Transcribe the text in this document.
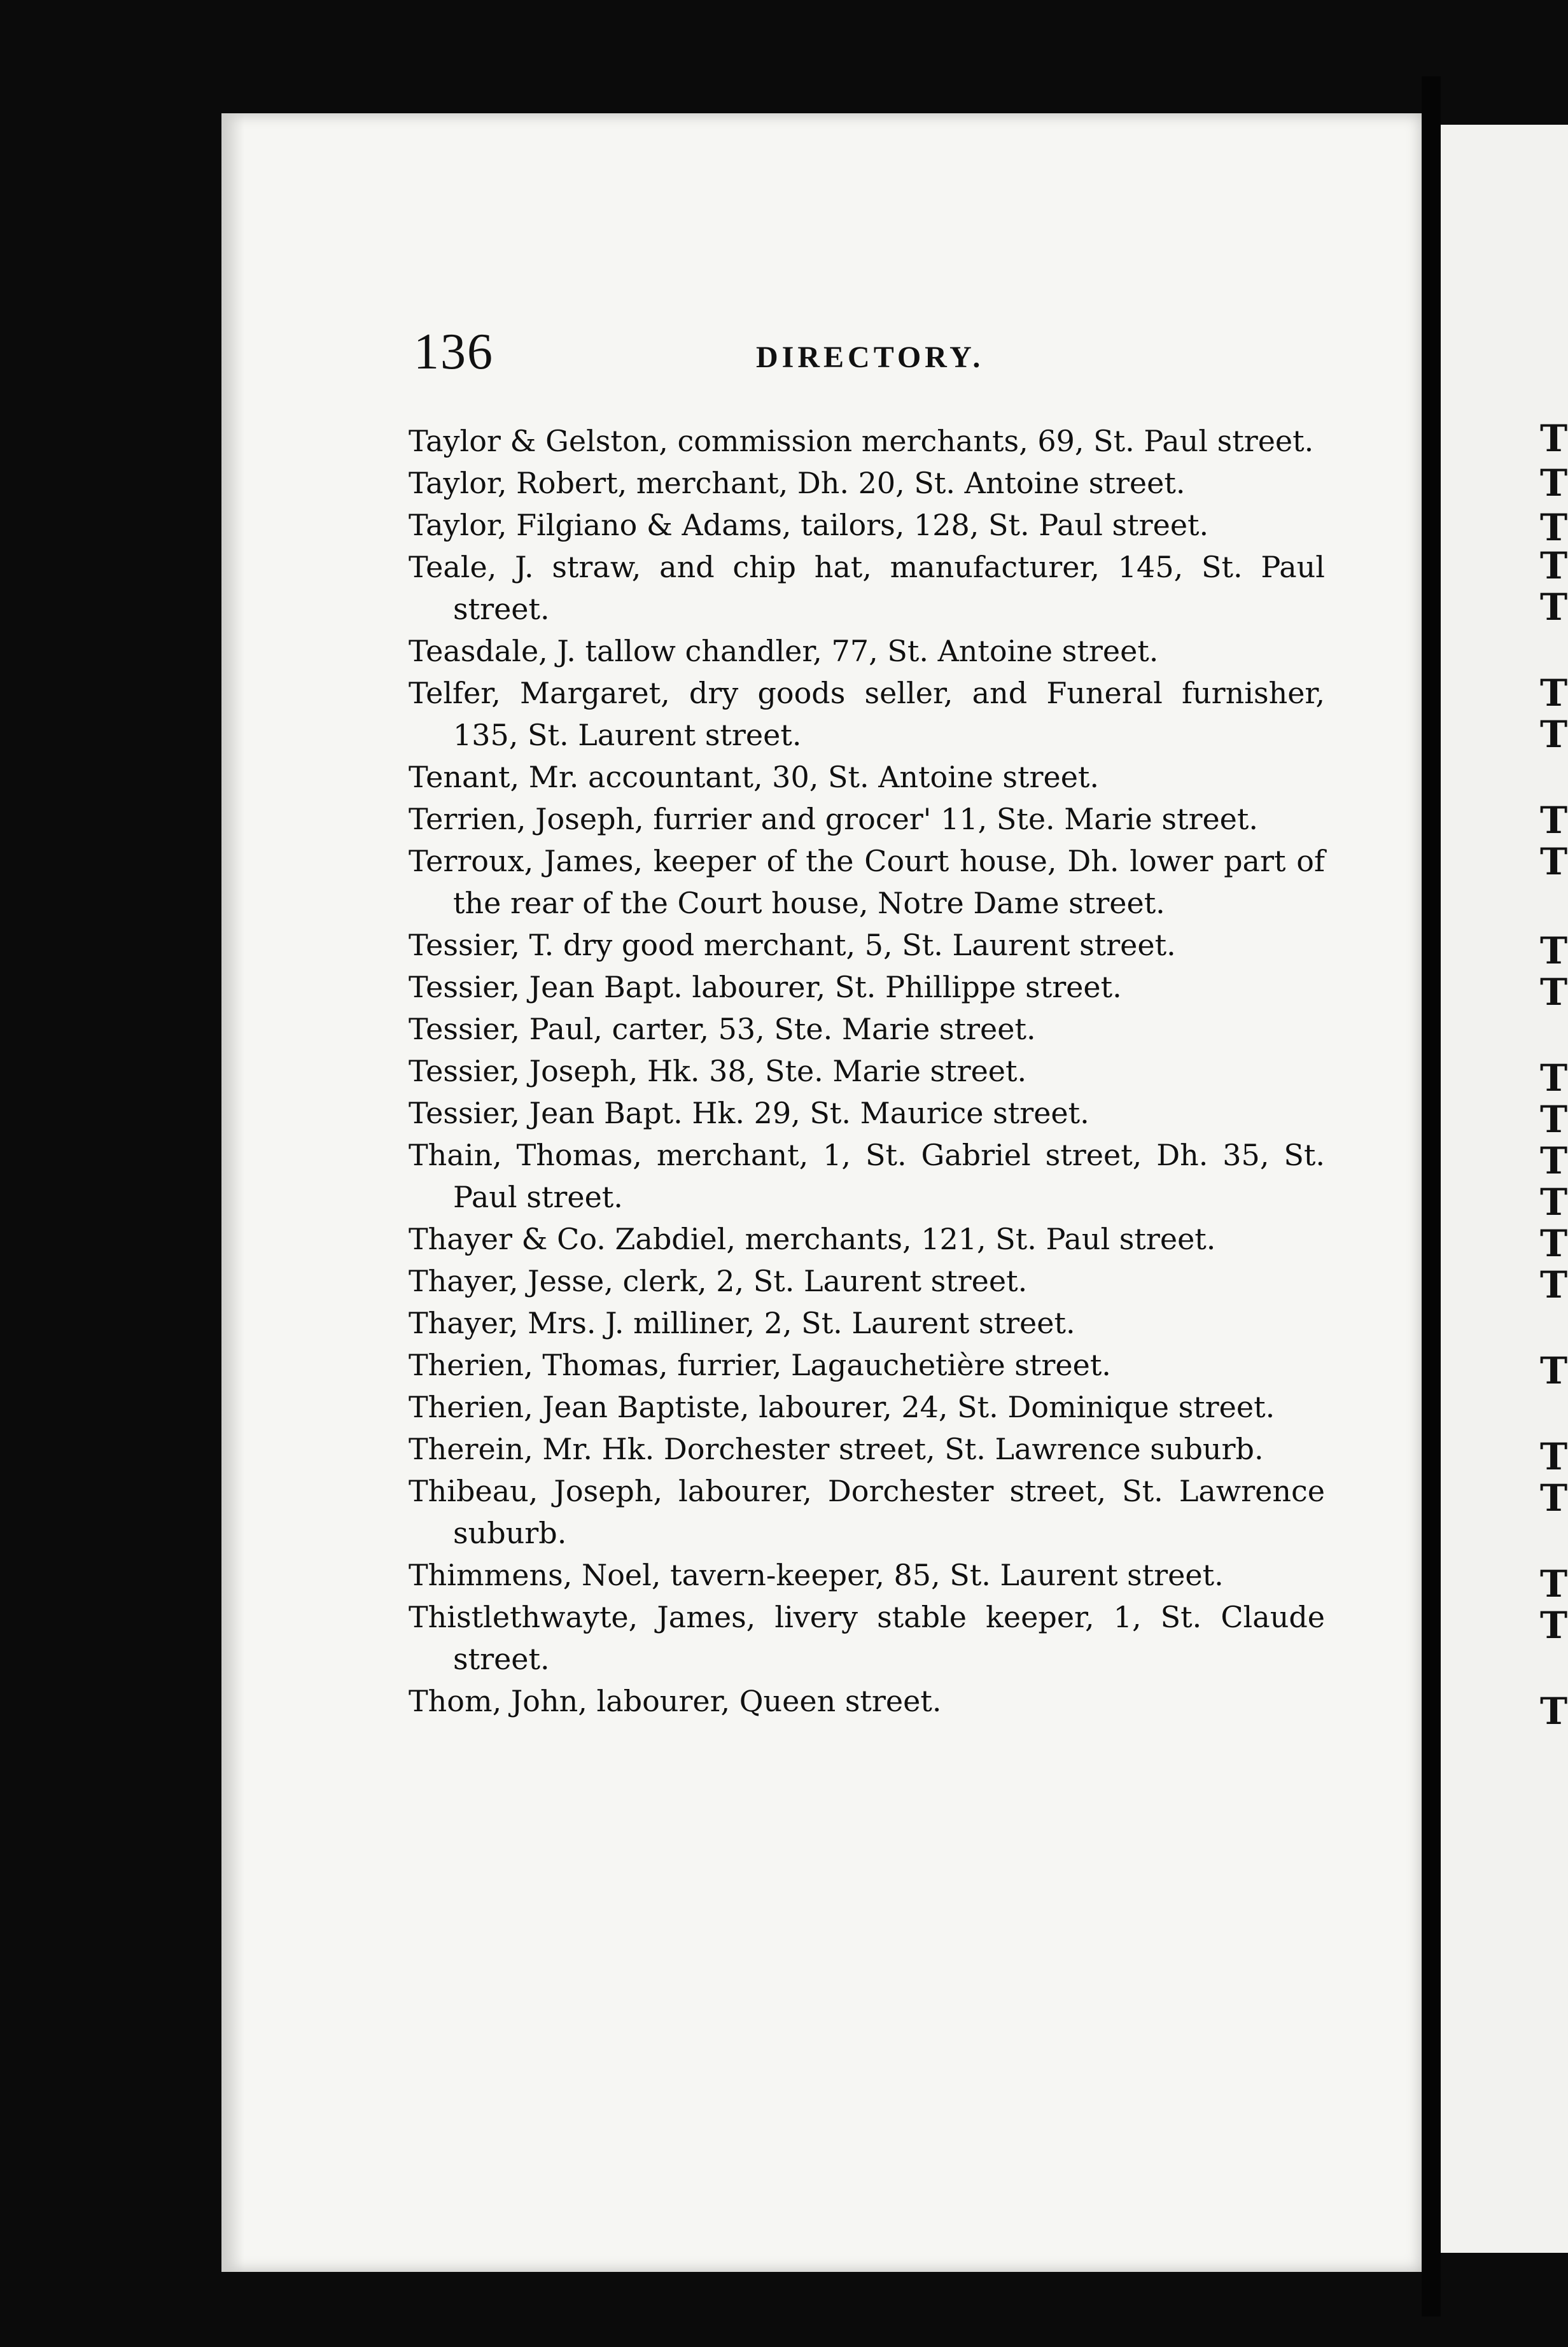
T
T
T
T
T
T
T
T
T
T
T
T
T
T
T
T
T
T
T
T
T
T
T
136	DIRECTORY.
Taylor & Gelston, commission merchants, 69, St. Paul street.
Taylor, Robert, merchant, Dh. 20, St. Antoine street.
Taylor, Filgiano & Adams, tailors, 128, St. Paul street.
Teale, J. straw, and chip hat, manufacturer, 145, St. Paul street.
Teasdale, J. tallow chandler, 77, St. Antoine street.
Telfer, Margaret, dry goods seller, and Funeral furnisher, 135, St. Laurent street.
Tenant, Mr. accountant, 30, St. Antoine street.
Terrien, Joseph, furrier and grocer' 11, Ste. Marie street.
Terroux, James, keeper of the Court house, Dh. lower part of the rear of the Court house, Notre Dame street.
Tessier, T. dry good merchant, 5, St. Laurent street.
Tessier, Jean Bapt. labourer, St. Phillippe street.
Tessier, Paul, carter, 53, Ste. Marie street.
Tessier, Joseph, Hk. 38, Ste. Marie street.
Tessier, Jean Bapt. Hk. 29, St. Maurice street.
Thain, Thomas, merchant, 1, St. Gabriel street, Dh. 35, St. Paul street.
Thayer & Co. Zabdiel, merchants, 121, St. Paul street.
Thayer, Jesse, clerk, 2, St. Laurent street.
Thayer, Mrs. J. milliner, 2, St. Laurent street.
Therien, Thomas, furrier, Lagauchetière street.
Therien, Jean Baptiste, labourer, 24, St. Dominique street.
Therein, Mr. Hk. Dorchester street, St. Lawrence suburb.
Thibeau, Joseph, labourer, Dorchester street, St. Lawrence suburb.
Thimmens, Noel, tavern-keeper, 85, St. Laurent street.
Thistlethwayte, James, livery stable keeper, 1, St. Claude street.
Thom, John, labourer, Queen street.
